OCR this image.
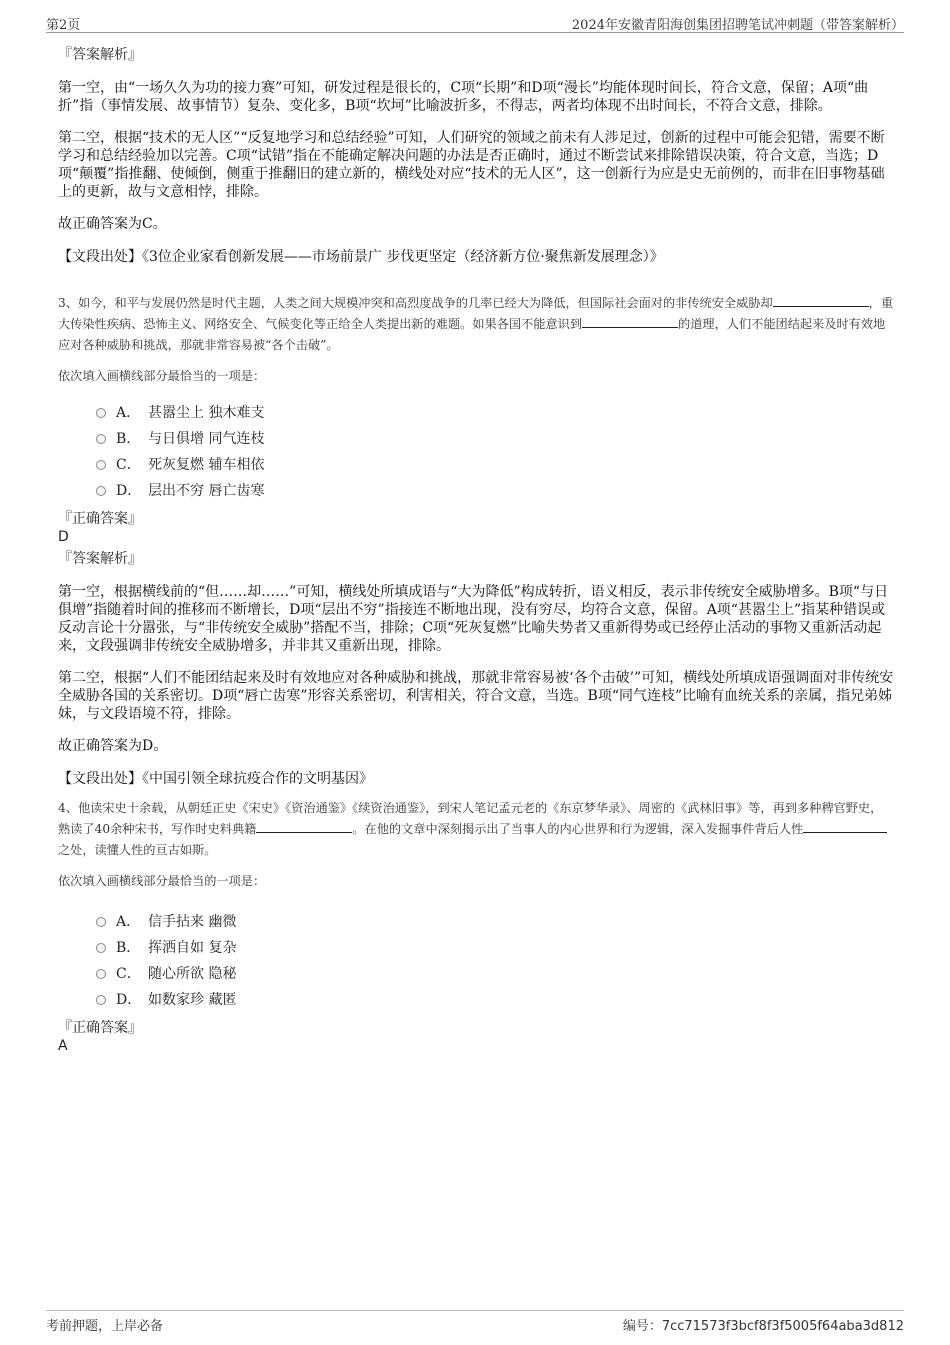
第2页	2024年安徽青阳海创集团招聘笔试冲刺题（带答案解析）

『答案解析』

第一空，由“一场久久为功的接力赛”可知，研发过程是很长的，C项“长期”和D项“漫长”均能体现时间长，符合文意，保留；A项“曲折”指（事情发展、故事情节）复杂、变化多，B项“坎坷”比喻波折多，不得志，两者均体现不出时间长，不符合文意，排除。

第二空，根据“技术的无人区”“反复地学习和总结经验”可知，人们研究的领域之前未有人涉足过，创新的过程中可能会犯错，需要不断学习和总结经验加以完善。C项“试错”指在不能确定解决问题的办法是否正确时，通过不断尝试来排除错误决策，符合文意，当选；D项“颠覆”指推翻、使倾倒，侧重于推翻旧的建立新的，横线处对应“技术的无人区”，这一创新行为应是史无前例的，而非在旧事物基础上的更新，故与文意相悖，排除。

故正确答案为C。

【文段出处】《3位企业家看创新发展——市场前景广 步伐更坚定（经济新方位·聚焦新发展理念）》

3、如今，和平与发展仍然是时代主题，人类之间大规模冲突和高烈度战争的几率已经大为降低，但国际社会面对的非传统安全威胁却	，重大传染性疾病、恐怖主义、网络安全、气候变化等正给全人类提出新的难题。如果各国不能意识到	的道理，人们不能团结起来及时有效地应对各种威胁和挑战，那就非常容易被“各个击破”。

依次填入画横线部分最恰当的一项是：

A． 甚嚣尘上 独木难支
B． 与日俱增 同气连枝
C． 死灰复燃 辅车相依
D． 层出不穷 唇亡齿寒

『正确答案』

D

『答案解析』

第一空，根据横线前的“但……却……”可知，横线处所填成语与“大为降低”构成转折，语义相反，表示非传统安全威胁增多。B项“与日俱增”指随着时间的推移而不断增长，D项“层出不穷”指接连不断地出现，没有穷尽，均符合文意，保留。A项“甚嚣尘上”指某种错误或反动言论十分嚣张，与“非传统安全威胁”搭配不当，排除；C项“死灰复燃”比喻失势者又重新得势或已经停止活动的事物又重新活动起来，文段强调非传统安全威胁增多，并非其又重新出现，排除。

第二空，根据“人们不能团结起来及时有效地应对各种威胁和挑战，那就非常容易被‘各个击破’”可知，横线处所填成语强调面对非传统安全威胁各国的关系密切。D项“唇亡齿寒”形容关系密切，利害相关，符合文意，当选。B项“同气连枝”比喻有血统关系的亲属，指兄弟姊妹，与文段语境不符，排除。

故正确答案为D。

【文段出处】《中国引领全球抗疫合作的文明基因》

4、他读宋史十余载，从朝廷正史《宋史》《资治通鉴》《续资治通鉴》，到宋人笔记孟元老的《东京梦华录》、周密的《武林旧事》等，再到多种稗官野史，熟读了40余种宋书，写作时史料典籍	。在他的文章中深刻揭示出了当事人的内心世界和行为逻辑，深入发掘事件背后人性之处，读懂人性的亘古如斯。

依次填入画横线部分最恰当的一项是：

A． 信手拈来 幽微
B． 挥洒自如 复杂
C． 随心所欲 隐秘
D． 如数家珍 藏匿

『正确答案』

A

考前押题，上岸必备	编号：7cc71573f3bcf8f3f5005f64aba3d812
